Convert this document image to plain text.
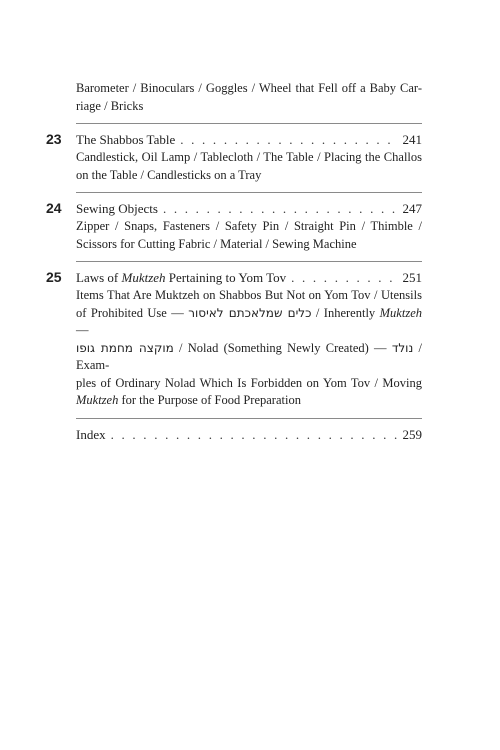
Barometer / Binoculars / Goggles / Wheel that Fell off a Baby Car-
riage / Bricks
23	The Shabbos Table . . .	241
Candlestick, Oil Lamp / Tablecloth / The Table / Placing the Challos
on the Table / Candlesticks on a Tray
24	Sewing Objects . . .	247
Zipper / Snaps, Fasteners / Safety Pin / Straight Pin / Thimble /
Scissors for Cutting Fabric / Material / Sewing Machine
25	Laws of Muktzeh Pertaining to Yom Tov . . .	251
Items That Are Muktzeh on Shabbos But Not on Yom Tov / Utensils
of Prohibited Use — כלים שמלאכתם לאיסור / Inherently Muktzeh —
מוקצה מחמת גופו / Nolad (Something Newly Created) — נולד / Exam-
ples of Ordinary Nolad Which Is Forbidden on Yom Tov / Moving
Muktzeh for the Purpose of Food Preparation
Index . . .	259
